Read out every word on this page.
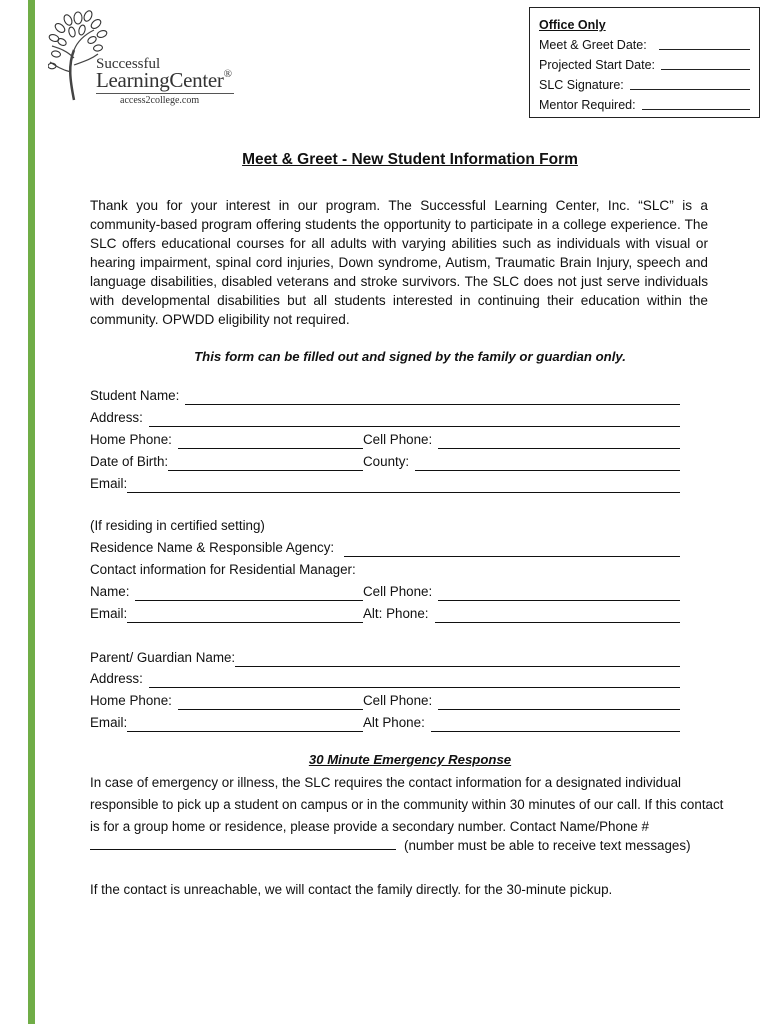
Successful
LearningCenter®
access2college.com
Office Only
Meet & Greet Date:
Projected Start Date:
SLC Signature:
Mentor Required:
Meet & Greet - New Student Information Form
Thank you for your interest in our program. The Successful Learning Center, Inc. “SLC” is a community-based program offering students the opportunity to participate in a college experience. The SLC offers educational courses for all adults with varying abilities such as individuals with visual or hearing impairment, spinal cord injuries, Down syndrome, Autism, Traumatic Brain Injury, speech and language disabilities, disabled veterans and stroke survivors. The SLC does not just serve individuals with developmental disabilities but all students interested in continuing their education within the community. OPWDD eligibility not required.
This form can be filled out and signed by the family or guardian only.
Student Name:
Address:
Home Phone:	Cell Phone:
Date of Birth:	County:
Email:
(If residing in certified setting)
Residence Name & Responsible Agency:
Contact information for Residential Manager:
Name:	Cell Phone:
Email:	Alt: Phone:
Parent/ Guardian Name:
Address:
Home Phone:	Cell Phone:
Email:	Alt Phone:
30 Minute Emergency Response
In case of emergency or illness, the SLC requires the contact information for a designated individual responsible to pick up a student on campus or in the community within 30 minutes of our call. If this contact is for a group home or residence, please provide a secondary number. Contact Name/Phone #
(number must be able to receive text messages)
If the contact is unreachable, we will contact the family directly. for the 30-minute pickup.
